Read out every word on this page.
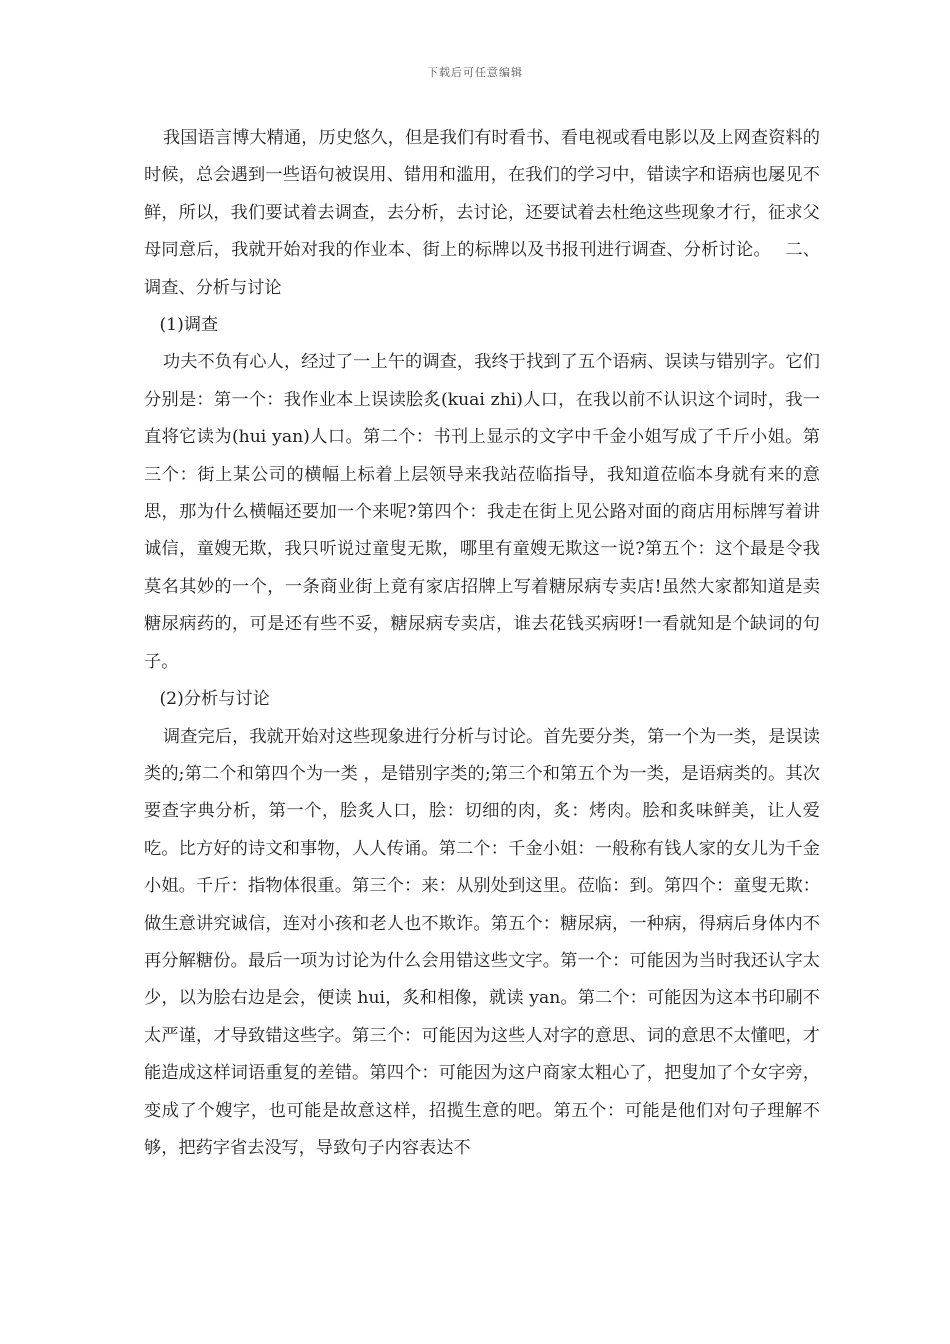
下载后可任意编辑

我国语言博大精通，历史悠久，但是我们有时看书、看电视或看电影以及上网查资料的时候，总会遇到一些语句被误用、错用和滥用，在我们的学习中，错读字和语病也屡见不鲜，所以，我们要试着去调查，去分析，去讨论，还要试着去杜绝这些现象才行，征求父母同意后，我就开始对我的作业本、街上的标牌以及书报刊进行调查、分析讨论。　 二、调查、分析与讨论

(1)调查

功夫不负有心人，经过了一上午的调查，我终于找到了五个语病、误读与错别字。它们分别是：第一个：我作业本上误读脍炙(kuai zhi)人口，在我以前不认识这个词时，我一直将它读为(hui yan)人口。第二个：书刊上显示的文字中千金小姐写成了千斤小姐。第三个：街上某公司的横幅上标着上层领导来我站莅临指导，我知道莅临本身就有来的意思，那为什么横幅还要加一个来呢?第四个：我走在街上见公路对面的商店用标牌写着讲诚信，童嫂无欺，我只听说过童叟无欺，哪里有童嫂无欺这一说?第五个：这个最是令我莫名其妙的一个，一条商业街上竟有家店招牌上写着糖尿病专卖店!虽然大家都知道是卖糖尿病药的，可是还有些不妥，糖尿病专卖店，谁去花钱买病呀!一看就知是个缺词的句子。

(2)分析与讨论

调查完后，我就开始对这些现象进行分析与讨论。首先要分类，第一个为一类，是误读类的;第二个和第四个为一类 ，是错别字类的;第三个和第五个为一类，是语病类的。其次要查字典分析，第一个，脍炙人口，脍：切细的肉，炙：烤肉。脍和炙味鲜美，让人爱吃。比方好的诗文和事物，人人传诵。第二个：千金小姐：一般称有钱人家的女儿为千金小姐。千斤：指物体很重。第三个：来：从别处到这里。莅临：到。第四个：童叟无欺：做生意讲究诚信，连对小孩和老人也不欺诈。第五个：糖尿病，一种病，得病后身体内不再分解糖份。最后一项为讨论为什么会用错这些文字。第一个：可能因为当时我还认字太少，以为脍右边是会，便读 hui，炙和相像，就读 yan。第二个：可能因为这本书印刷不太严谨，才导致错这些字。第三个：可能因为这些人对字的意思、词的意思不太懂吧，才能造成这样词语重复的差错。第四个：可能因为这户商家太粗心了，把叟加了个女字旁，变成了个嫂字，也可能是故意这样，招揽生意的吧。第五个：可能是他们对句子理解不够，把药字省去没写，导致句子内容表达不
